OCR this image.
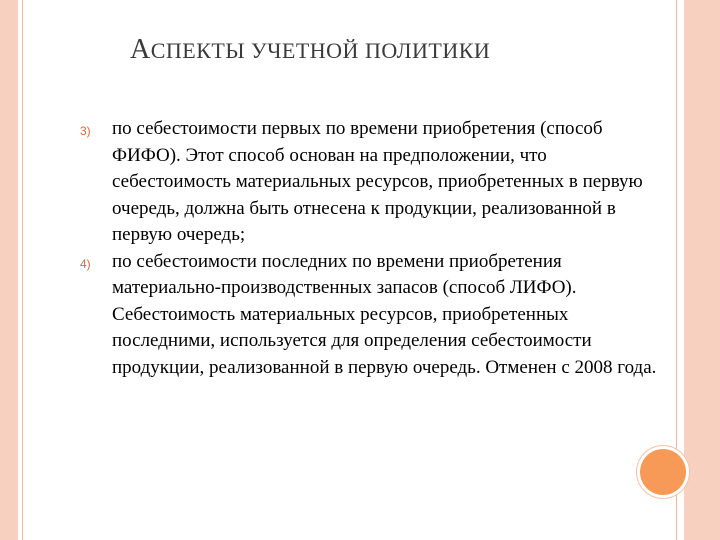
АСПЕКТЫ УЧЕТНОЙ ПОЛИТИКИ
3) по себестоимости первых по времени приобретения (способ ФИФО). Этот способ основан на предположении, что себестоимость материальных ресурсов, приобретенных в первую очередь, должна быть отнесена к продукции, реализованной в первую очередь;
4) по себестоимости последних по времени приобретения материально-производственных запасов (способ ЛИФО). Себестоимость материальных ресурсов, приобретенных последними, используется для определения себестоимости продукции, реализованной в первую очередь. Отменен с 2008 года.
